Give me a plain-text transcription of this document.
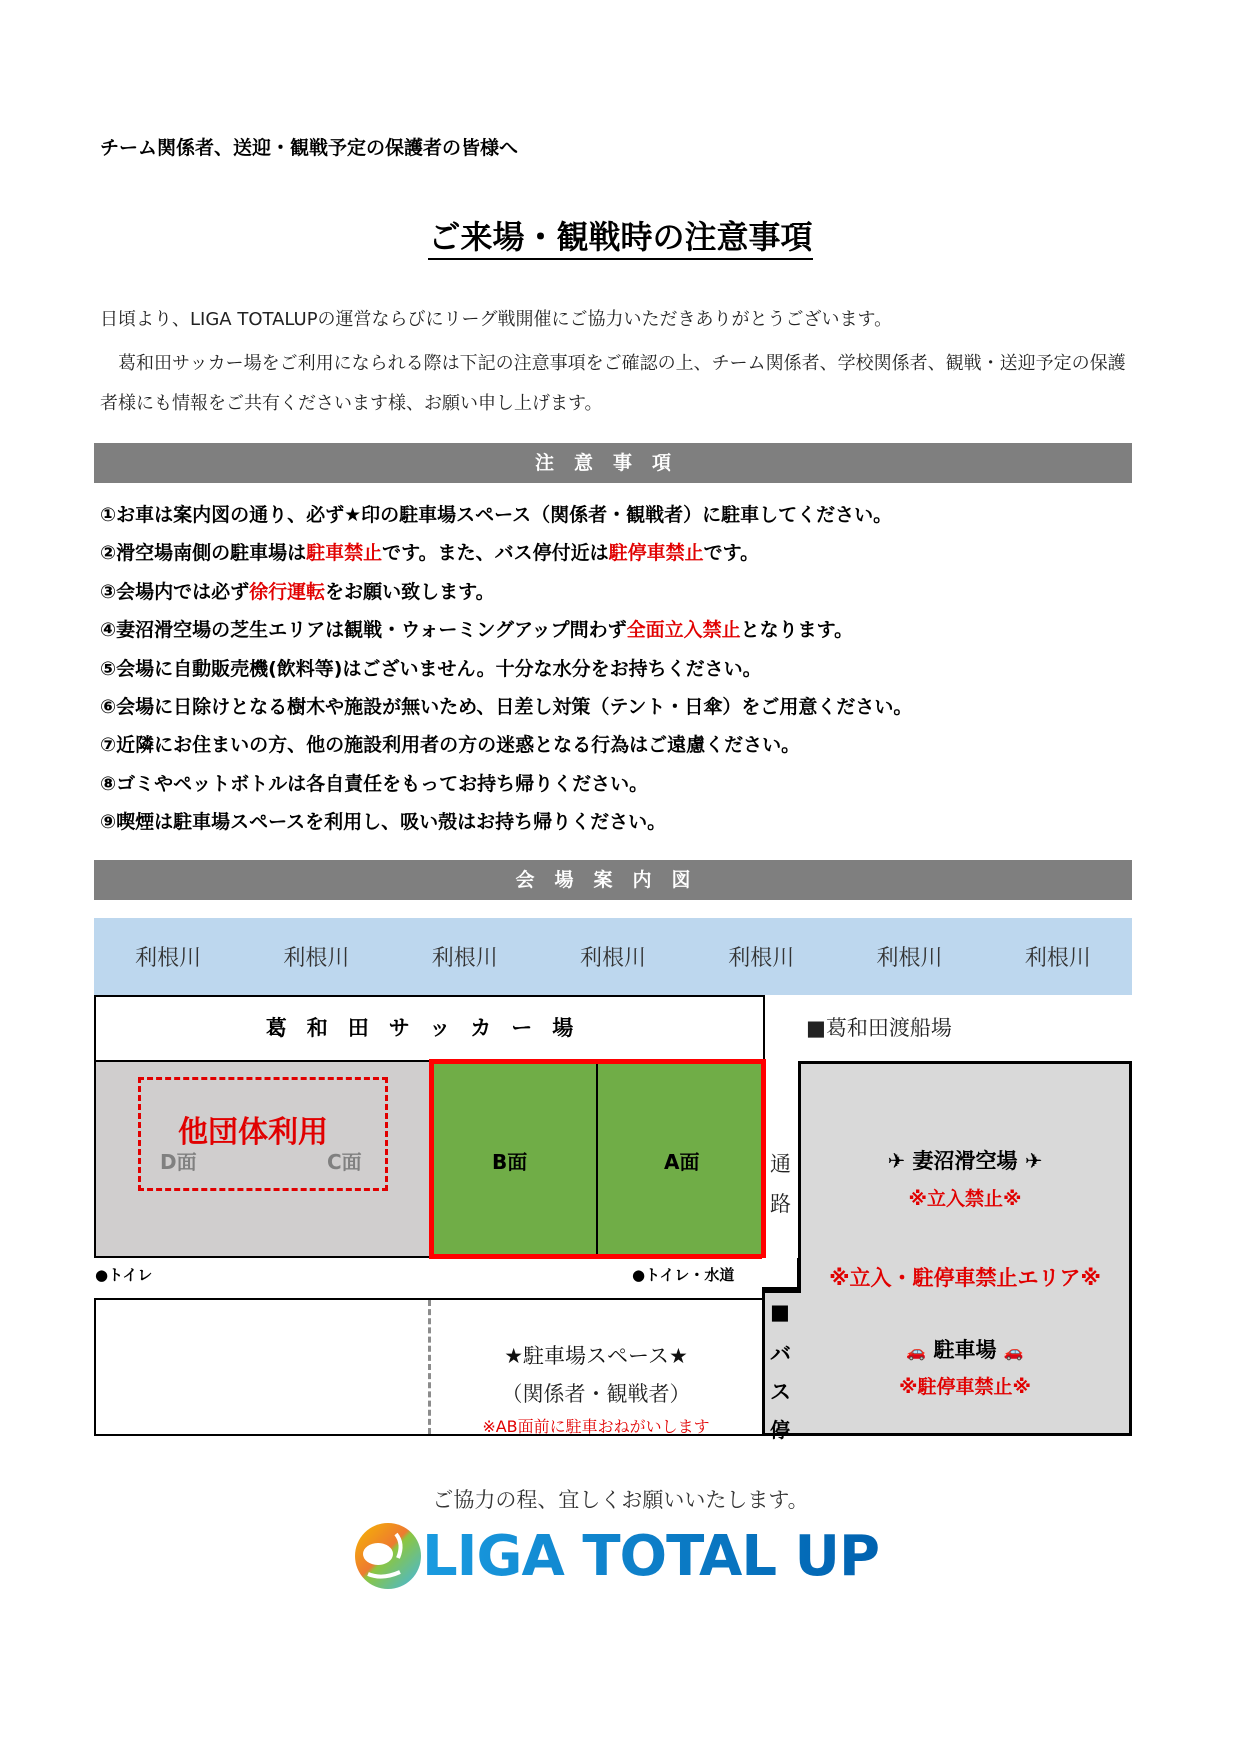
チーム関係者、送迎・観戦予定の保護者の皆様へ
ご来場・観戦時の注意事項
日頃より、LIGA TOTALUPの運営ならびにリーグ戦開催にご協力いただきありがとうございます。
葛和田サッカー場をご利用になられる際は下記の注意事項をご確認の上、チーム関係者、学校関係者、観戦・送迎予定の保護者様にも情報をご共有くださいます様、お願い申し上げます。
注意事項
①お車は案内図の通り、必ず★印の駐車場スペース（関係者・観戦者）に駐車してください。
②滑空場南側の駐車場は駐車禁止です。また、バス停付近は駐停車禁止です。
③会場内では必ず徐行運転をお願い致します。
④妻沼滑空場の芝生エリアは観戦・ウォーミングアップ問わず全面立入禁止となります。
⑤会場に自動販売機(飲料等)はございません。十分な水分をお持ちください。
⑥会場に日除けとなる樹木や施設が無いため、日差し対策（テント・日傘）をご用意ください。
⑦近隣にお住まいの方、他の施設利用者の方の迷惑となる行為はご遠慮ください。
⑧ゴミやペットボトルは各自責任をもってお持ち帰りください。
⑨喫煙は駐車場スペースを利用し、吸い殻はお持ち帰りください。
会場案内図
利根川	利根川	利根川	利根川	利根川	利根川	利根川
葛和田サッカー場	■葛和田渡船場
D面	C面
他団体利用
B面	A面	通
路
✈ 妻沼滑空場 ✈
※立入禁止※
※立入・駐停車禁止エリア※
🚗 駐車場 🚗
※駐停車禁止※
■
バ
ス
停
●トイレ	●トイレ・水道
★駐車場スペース★
（関係者・観戦者）
※AB面前に駐車おねがいします
ご協力の程、宜しくお願いいたします。
LIGA TOTAL UP
